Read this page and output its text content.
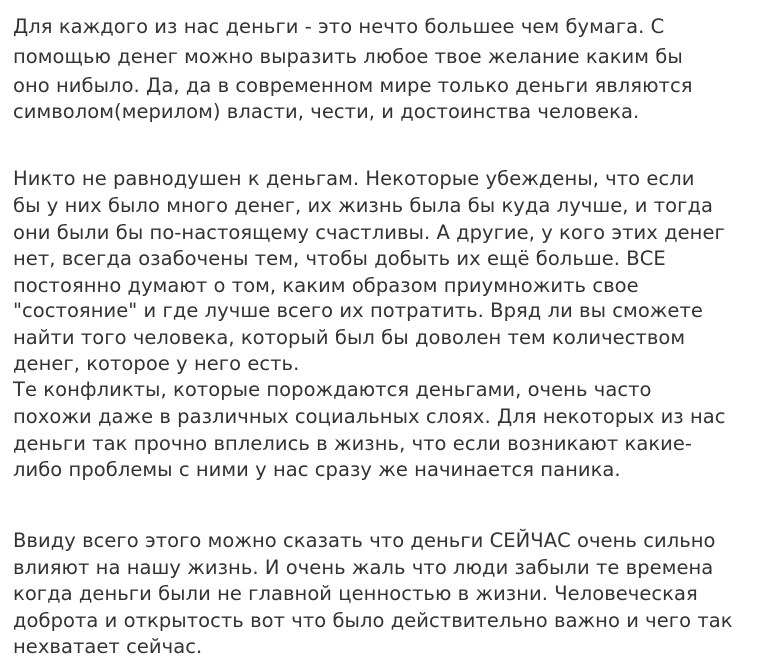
Для каждого из нас деньги - это нечто большее чем бумага. С

помощью денег можно выразить любое твое желание каким бы

оно нибыло. Да, да в современном мире только деньги являются

символом(мерилом) власти, чести, и достоинства человека.

Никто не равнодушен к деньгам. Некоторые убеждены, что если

бы у них было много денег, их жизнь была бы куда лучше, и тогда

они были бы по-настоящему счастливы. А другие, у кого этих денег

нет, всегда озабочены тем, чтобы добыть их ещё больше. ВСЕ

постоянно думают о том, каким образом приумножить свое

"состояние" и где лучше всего их потратить. Вряд ли вы сможете

найти того человека, который был бы доволен тем количеством

денег, которое у него есть.

Те конфликты, которые порождаются деньгами, очень часто

похожи даже в различных социальных слоях. Для некоторых из нас

деньги так прочно вплелись в жизнь, что если возникают какие-

либо проблемы с ними у нас сразу же начинается паника.

Ввиду всего этого можно сказать что деньги СЕЙЧАС очень сильно

влияют на нашу жизнь. И очень жаль что люди забыли те времена

когда деньги были не главной ценностью в жизни. Человеческая

доброта и открытость вот что было действительно важно и чего так

нехватает сейчас.
